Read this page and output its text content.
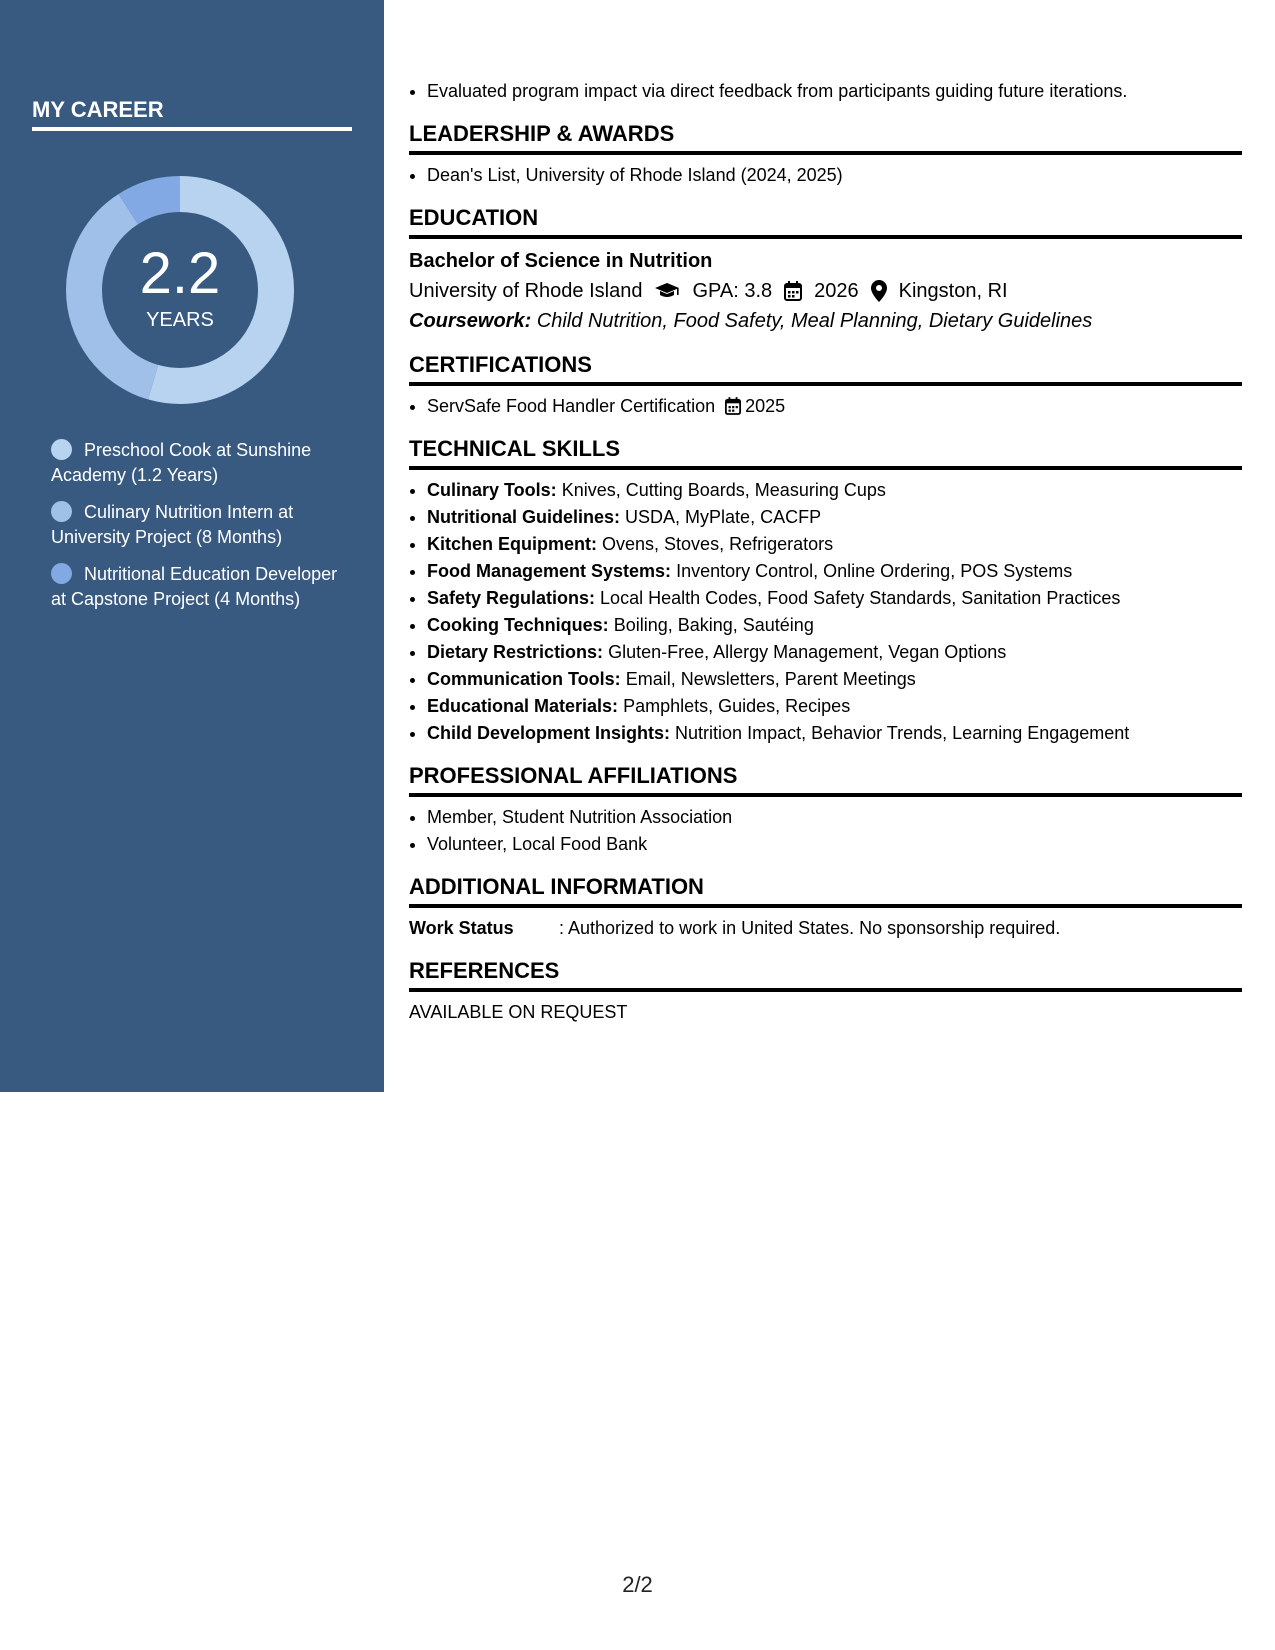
MY CAREER
2.2
YEARS
Preschool Cook at Sunshine Academy (1.2 Years)
Culinary Nutrition Intern at University Project (8 Months)
Nutritional Education Developer at Capstone Project (4 Months)
• Evaluated program impact via direct feedback from participants guiding future iterations.
LEADERSHIP & AWARDS
• Dean's List, University of Rhode Island (2024, 2025)
EDUCATION
Bachelor of Science in Nutrition
University of Rhode Island	GPA: 3.8 2026 Kingston, RI
Coursework: Child Nutrition, Food Safety, Meal Planning, Dietary Guidelines
CERTIFICATIONS
• ServSafe Food Handler Certification 2025
TECHNICAL SKILLS
• Culinary Tools: Knives, Cutting Boards, Measuring Cups
• Nutritional Guidelines: USDA, MyPlate, CACFP
• Kitchen Equipment: Ovens, Stoves, Refrigerators
• Food Management Systems: Inventory Control, Online Ordering, POS Systems
• Safety Regulations: Local Health Codes, Food Safety Standards, Sanitation Practices
• Cooking Techniques: Boiling, Baking, Sautéing
• Dietary Restrictions: Gluten-Free, Allergy Management, Vegan Options
• Communication Tools: Email, Newsletters, Parent Meetings
• Educational Materials: Pamphlets, Guides, Recipes
• Child Development Insights: Nutrition Impact, Behavior Trends, Learning Engagement
PROFESSIONAL AFFILIATIONS
• Member, Student Nutrition Association
• Volunteer, Local Food Bank
ADDITIONAL INFORMATION
Work Status	: Authorized to work in United States. No sponsorship required.
REFERENCES
AVAILABLE ON REQUEST
2/2
